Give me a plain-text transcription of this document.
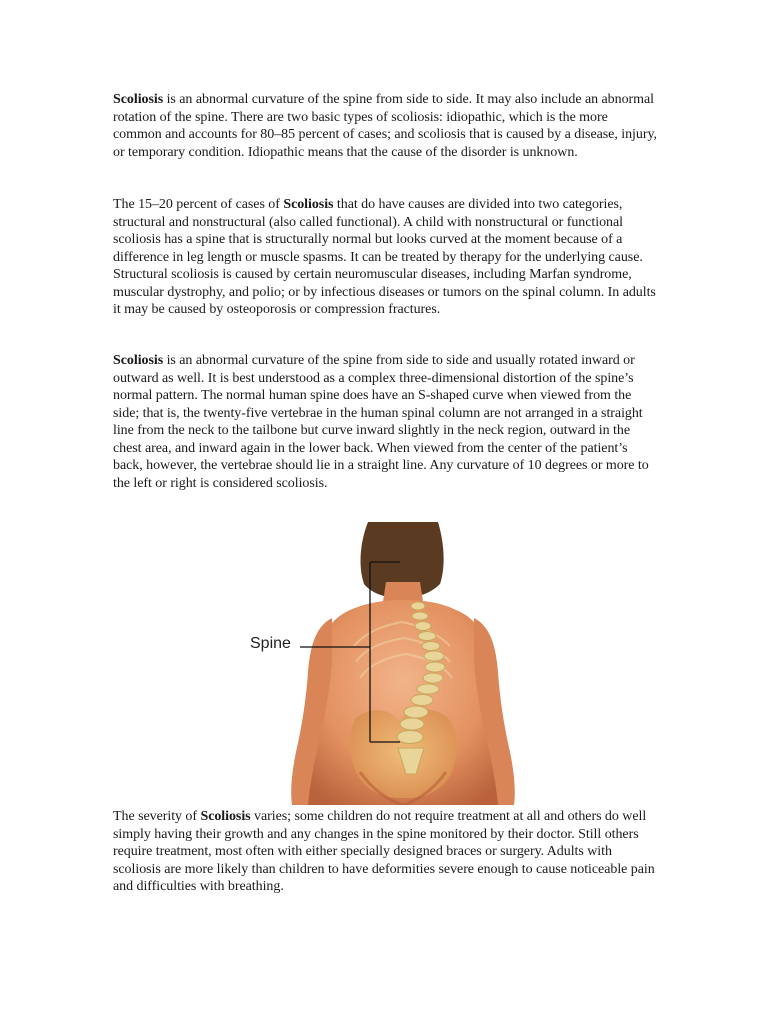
Scoliosis is an abnormal curvature of the spine from side to side. It may also include an abnormal rotation of the spine. There are two basic types of scoliosis: idiopathic, which is the more common and accounts for 80–85 percent of cases; and scoliosis that is caused by a disease, injury, or temporary condition. Idiopathic means that the cause of the disorder is unknown.

The 15–20 percent of cases of Scoliosis that do have causes are divided into two categories, structural and nonstructural (also called functional). A child with nonstructural or functional scoliosis has a spine that is structurally normal but looks curved at the moment because of a difference in leg length or muscle spasms. It can be treated by therapy for the underlying cause. Structural scoliosis is caused by certain neuromuscular diseases, including Marfan syndrome, muscular dystrophy, and polio; or by infectious diseases or tumors on the spinal column. In adults it may be caused by osteoporosis or compression fractures.

Scoliosis is an abnormal curvature of the spine from side to side and usually rotated inward or outward as well. It is best understood as a complex three-dimensional distortion of the spine’s normal pattern. The normal human spine does have an S-shaped curve when viewed from the side; that is, the twenty-five vertebrae in the human spinal column are not arranged in a straight line from the neck to the tailbone but curve inward slightly in the neck region, outward in the chest area, and inward again in the lower back. When viewed from the center of the patient’s back, however, the vertebrae should lie in a straight line. Any curvature of 10 degrees or more to the left or right is considered scoliosis.

Spine

The severity of Scoliosis varies; some children do not require treatment at all and others do well simply having their growth and any changes in the spine monitored by their doctor. Still others require treatment, most often with either specially designed braces or surgery. Adults with scoliosis are more likely than children to have deformities severe enough to cause noticeable pain and difficulties with breathing.
